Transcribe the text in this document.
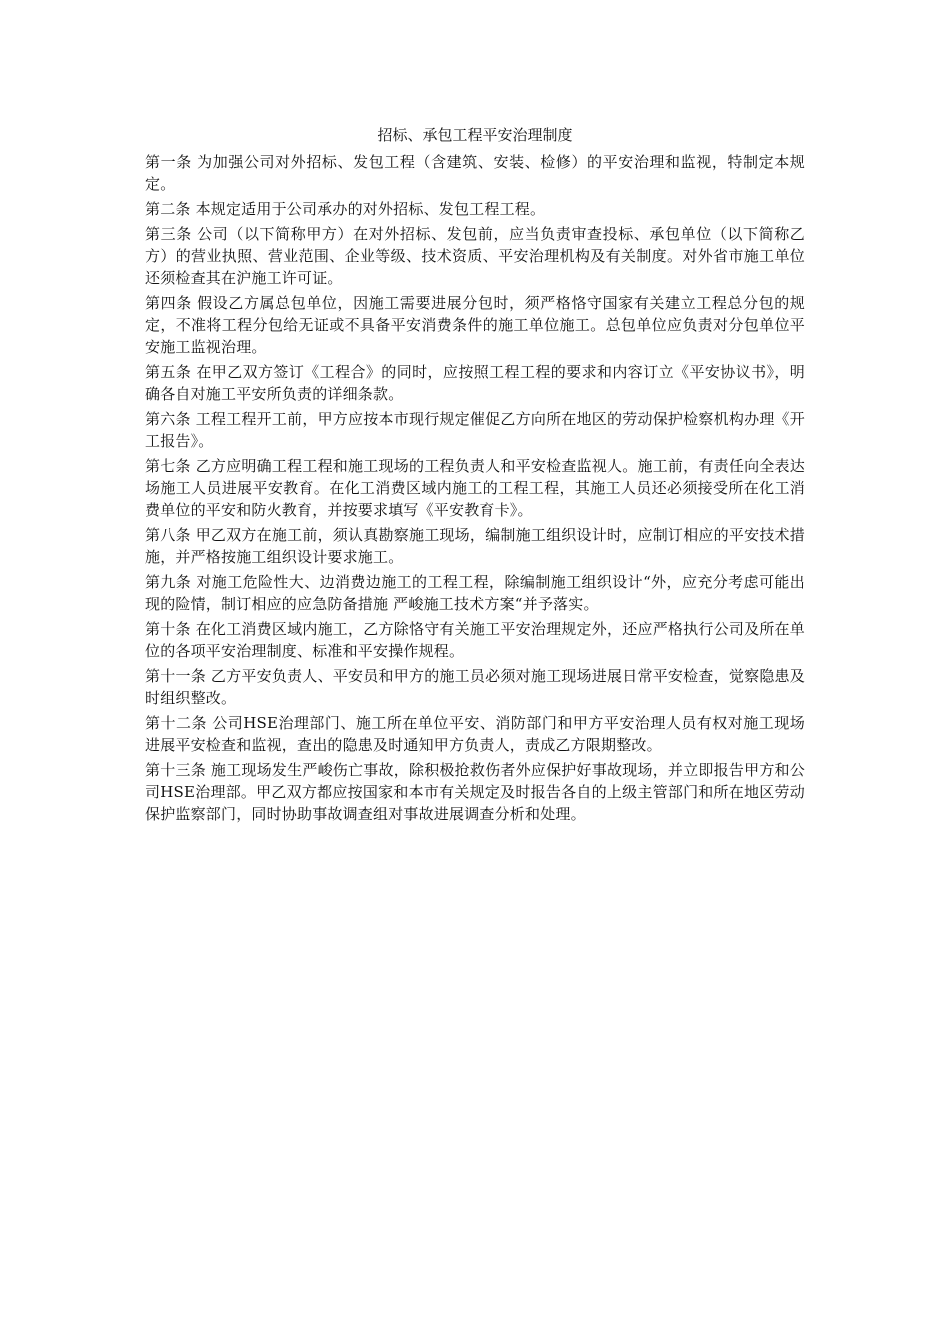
招标、承包工程平安治理制度

第一条 为加强公司对外招标、发包工程（含建筑、安装、检修）的平安治理和监视，特制定本规定。

第二条 本规定适用于公司承办的对外招标、发包工程工程。

第三条 公司（以下简称甲方）在对外招标、发包前，应当负责审查投标、承包单位（以下简称乙方）的营业执照、营业范围、企业等级、技术资质、平安治理机构及有关制度。对外省市施工单位还须检查其在沪施工许可证。

第四条 假设乙方属总包单位，因施工需要进展分包时，须严格恪守国家有关建立工程总分包的规定，不准将工程分包给无证或不具备平安消费条件的施工单位施工。总包单位应负责对分包单位平安施工监视治理。

第五条 在甲乙双方签订《工程合》的同时，应按照工程工程的要求和内容订立《平安协议书》，明确各自对施工平安所负责的详细条款。

第六条 工程工程开工前，甲方应按本市现行规定催促乙方向所在地区的劳动保护检察机构办理《开工报告》。

第七条 乙方应明确工程工程和施工现场的工程负责人和平安检查监视人。施工前，有责任向全表达场施工人员进展平安教育。在化工消费区域内施工的工程工程，其施工人员还必须接受所在化工消费单位的平安和防火教育，并按要求填写《平安教育卡》。

第八条 甲乙双方在施工前，须认真勘察施工现场，编制施工组织设计时，应制订相应的平安技术措施，并严格按施工组织设计要求施工。

第九条 对施工危险性大、边消费边施工的工程工程，除编制施工组织设计“外，应充分考虑可能出现的险情，制订相应的应急防备措施 严峻施工技术方案“并予落实。

第十条 在化工消费区域内施工，乙方除恪守有关施工平安治理规定外，还应严格执行公司及所在单位的各项平安治理制度、标准和平安操作规程。

第十一条 乙方平安负责人、平安员和甲方的施工员必须对施工现场进展日常平安检查，觉察隐患及时组织整改。

第十二条 公司HSE治理部门、施工所在单位平安、消防部门和甲方平安治理人员有权对施工现场进展平安检查和监视，查出的隐患及时通知甲方负责人，责成乙方限期整改。

第十三条 施工现场发生严峻伤亡事故，除积极抢救伤者外应保护好事故现场，并立即报告甲方和公司HSE治理部。甲乙双方都应按国家和本市有关规定及时报告各自的上级主管部门和所在地区劳动保护监察部门，同时协助事故调查组对事故进展调查分析和处理。
